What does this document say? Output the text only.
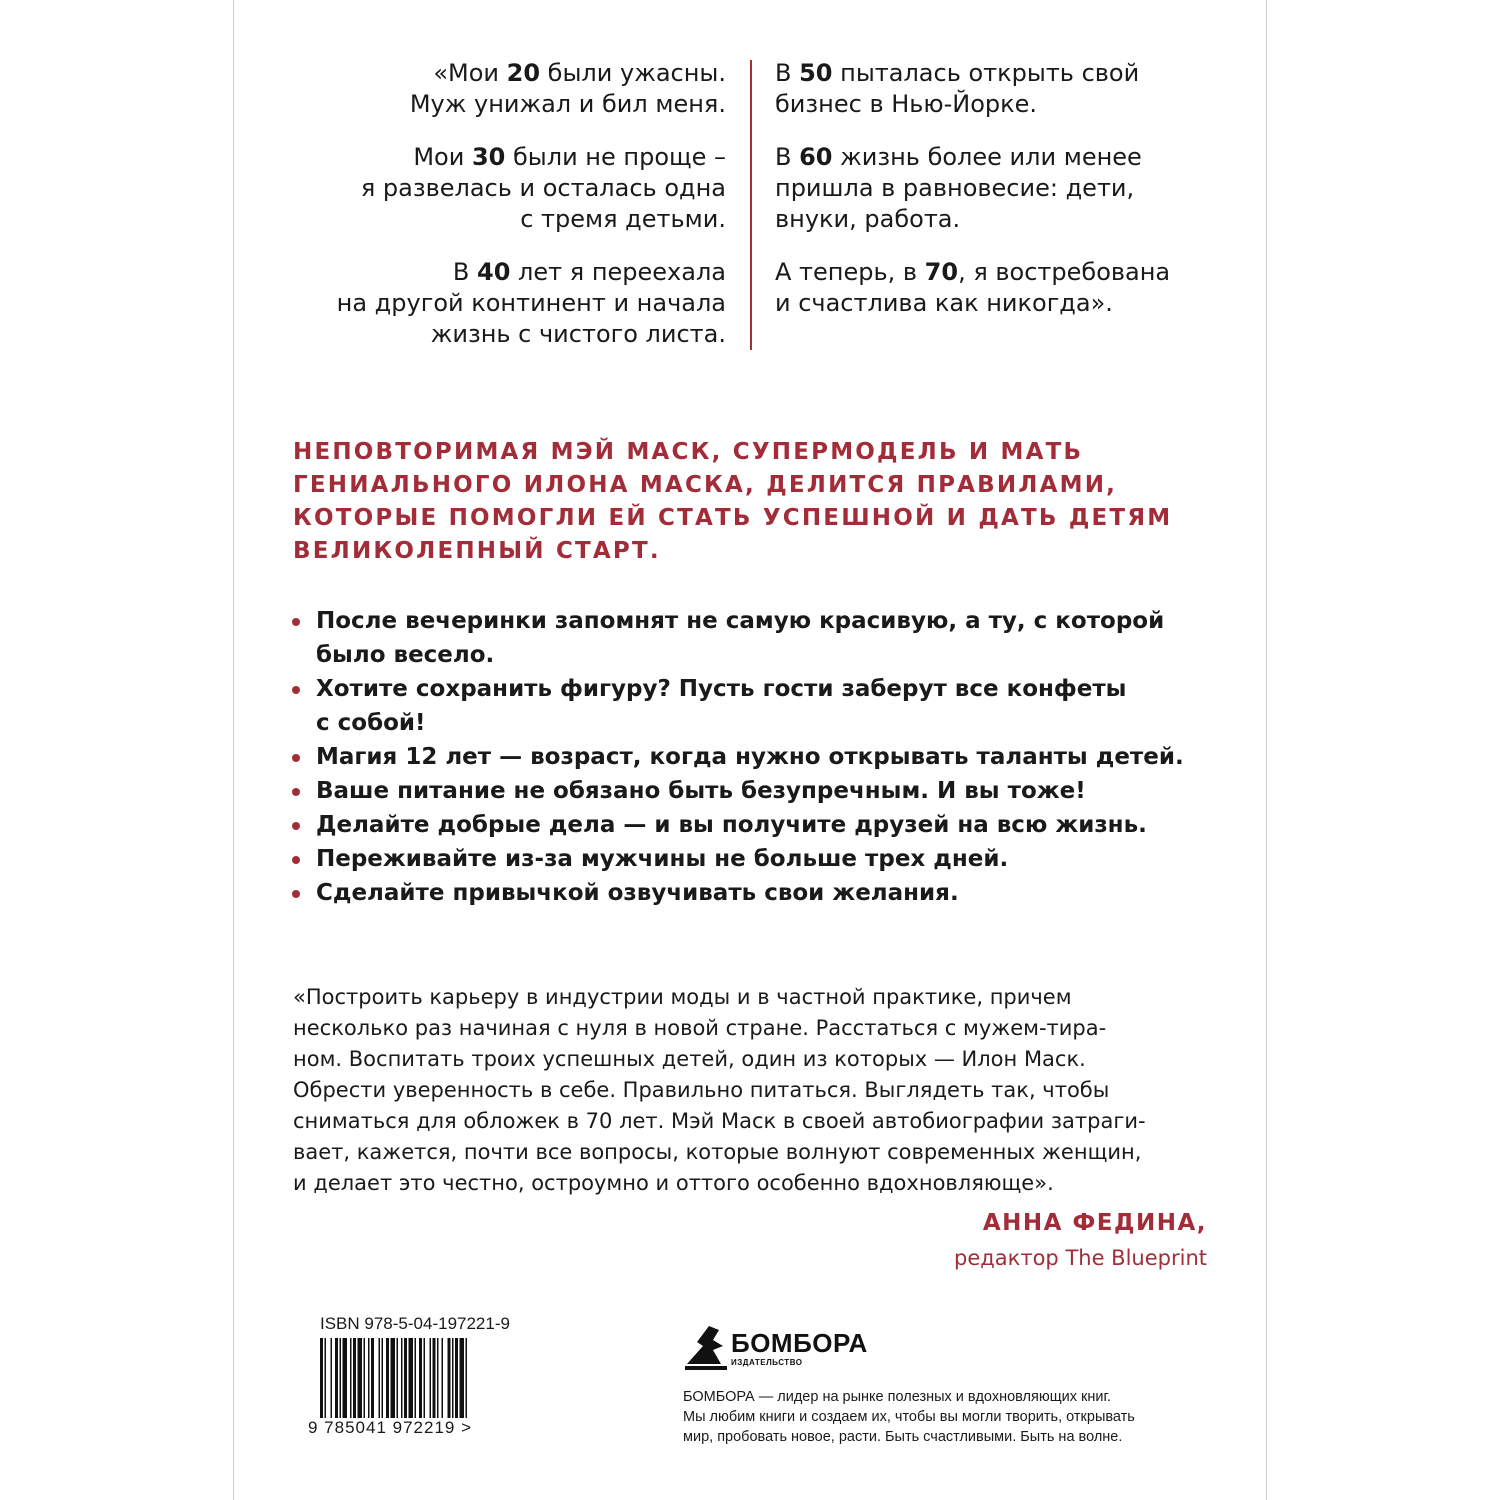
«Мои 20 были ужасны.
Муж унижал и бил меня.

Мои 30 были не проще –
я развелась и осталась одна
с тремя детьми.

В 40 лет я переехала
на другой континент и начала
жизнь с чистого листа.

В 50 пыталась открыть свой
бизнес в Нью-Йорке.

В 60 жизнь более или менее
пришла в равновесие: дети,
внуки, работа.

А теперь, в 70, я востребована
и счастлива как никогда».

НЕПОВТОРИМАЯ МЭЙ МАСК, СУПЕРМОДЕЛЬ И МАТЬ
ГЕНИАЛЬНОГО ИЛОНА МАСКА, ДЕЛИТСЯ ПРАВИЛАМИ,
КОТОРЫЕ ПОМОГЛИ ЕЙ СТАТЬ УСПЕШНОЙ И ДАТЬ ДЕТЯМ
ВЕЛИКОЛЕПНЫЙ СТАРТ.
После вечеринки запомнят не самую красивую, а ту, с которой
было весело.
Хотите сохранить фигуру? Пусть гости заберут все конфеты
с собой!
Магия 12 лет — возраст, когда нужно открывать таланты детей.
Ваше питание не обязано быть безупречным. И вы тоже!
Делайте добрые дела — и вы получите друзей на всю жизнь.
Переживайте из-за мужчины не больше трех дней.
Сделайте привычкой озвучивать свои желания.
«Построить карьеру в индустрии моды и в частной практике, причем
несколько раз начиная с нуля в новой стране. Расстаться с мужем-тира-
ном. Воспитать троих успешных детей, один из которых — Илон Маск.
Обрести уверенность в себе. Правильно питаться. Выглядеть так, чтобы
сниматься для обложек в 70 лет. Мэй Маск в своей автобиографии затраги-
вает, кажется, почти все вопросы, которые волнуют современных женщин,
и делает это честно, остроумно и оттого особенно вдохновляюще».
АННА ФЕДИНА,
редактор The Blueprint
ISBN 978-5-04-197221-9
9 785041 972219 >
БОМБОРА
ИЗДАТЕЛЬСТВО
БОМБОРА — лидер на рынке полезных и вдохновляющих книг.
Мы любим книги и создаем их, чтобы вы могли творить, открывать
мир, пробовать новое, расти. Быть счастливыми. Быть на волне.
